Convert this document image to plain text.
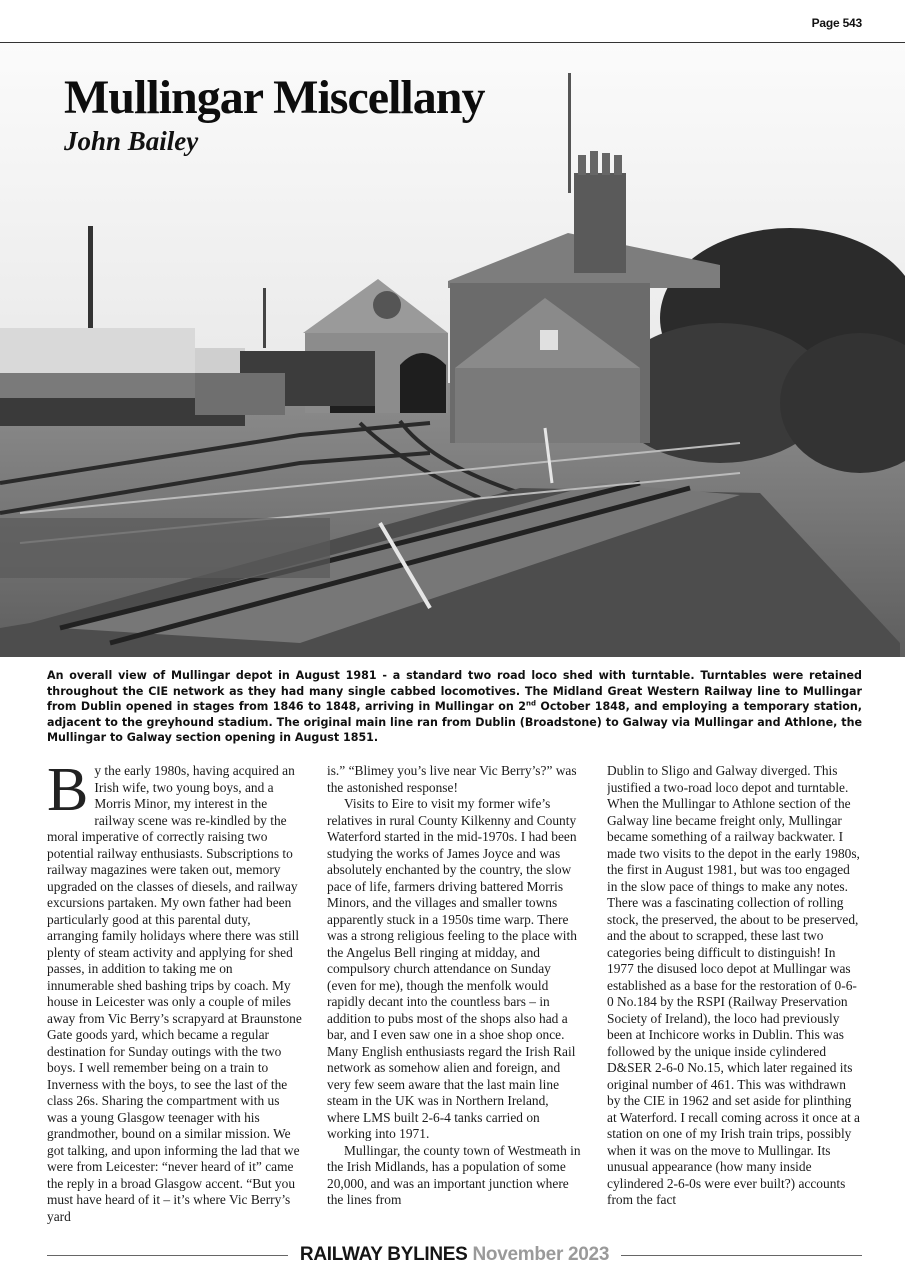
Page 543
Mullingar Miscellany
John Bailey

An overall view of Mullingar depot in August 1981 - a standard two road loco shed with turntable. Turntables were retained throughout the CIE network as they had many single cabbed locomotives. The Midland Great Western Railway line to Mullingar from Dublin opened in stages from 1846 to 1848, arriving in Mullingar on 2nd October 1848, and employing a temporary station, adjacent to the greyhound stadium. The original main line ran from Dublin (Broadstone) to Galway via Mullingar and Athlone, the Mullingar to Galway section opening in August 1851.

By the early 1980s, having acquired an Irish wife, two young boys, and a Morris Minor, my interest in the railway scene was re-kindled by the moral imperative of correctly raising two potential railway enthusiasts. Subscriptions to railway magazines were taken out, memory upgraded on the classes of diesels, and railway excursions partaken. My own father had been particularly good at this parental duty, arranging family holidays where there was still plenty of steam activity and applying for shed passes, in addition to taking me on innumerable shed bashing trips by coach. My house in Leicester was only a couple of miles away from Vic Berry’s scrapyard at Braunstone Gate goods yard, which became a regular destination for Sunday outings with the two boys. I well remember being on a train to Inverness with the boys, to see the last of the class 26s. Sharing the compartment with us was a young Glasgow teenager with his grandmother, bound on a similar mission. We got talking, and upon informing the lad that we were from Leicester: “never heard of it” came the reply in a broad Glasgow accent. “But you must have heard of it – it’s where Vic Berry’s yard

is.” “Blimey you’s live near Vic Berry’s?” was the astonished response!

Visits to Eire to visit my former wife’s relatives in rural County Kilkenny and County Waterford started in the mid-1970s. I had been studying the works of James Joyce and was absolutely enchanted by the country, the slow pace of life, farmers driving battered Morris Minors, and the villages and smaller towns apparently stuck in a 1950s time warp. There was a strong religious feeling to the place with the Angelus Bell ringing at midday, and compulsory church attendance on Sunday (even for me), though the menfolk would rapidly decant into the countless bars – in addition to pubs most of the shops also had a bar, and I even saw one in a shoe shop once. Many English enthusiasts regard the Irish Rail network as somehow alien and foreign, and very few seem aware that the last main line steam in the UK was in Northern Ireland, where LMS built 2-6-4 tanks carried on working into 1971.

Mullingar, the county town of Westmeath in the Irish Midlands, has a population of some 20,000, and was an important junction where the lines from

Dublin to Sligo and Galway diverged. This justified a two-road loco depot and turntable. When the Mullingar to Athlone section of the Galway line became freight only, Mullingar became something of a railway backwater. I made two visits to the depot in the early 1980s, the first in August 1981, but was too engaged in the slow pace of things to make any notes. There was a fascinating collection of rolling stock, the preserved, the about to be preserved, and the about to scrapped, these last two categories being difficult to distinguish! In 1977 the disused loco depot at Mullingar was established as a base for the restoration of 0-6-0 No.184 by the RSPI (Railway Preservation Society of Ireland), the loco had previously been at Inchicore works in Dublin. This was followed by the unique inside cylindered D&SER 2-6-0 No.15, which later regained its original number of 461. This was withdrawn by the CIE in 1962 and set aside for plinthing at Waterford. I recall coming across it once at a station on one of my Irish train trips, possibly when it was on the move to Mullingar. Its unusual appearance (how many inside cylindered 2-6-0s were ever built?) accounts from the fact

RAILWAY BYLINES November 2023
